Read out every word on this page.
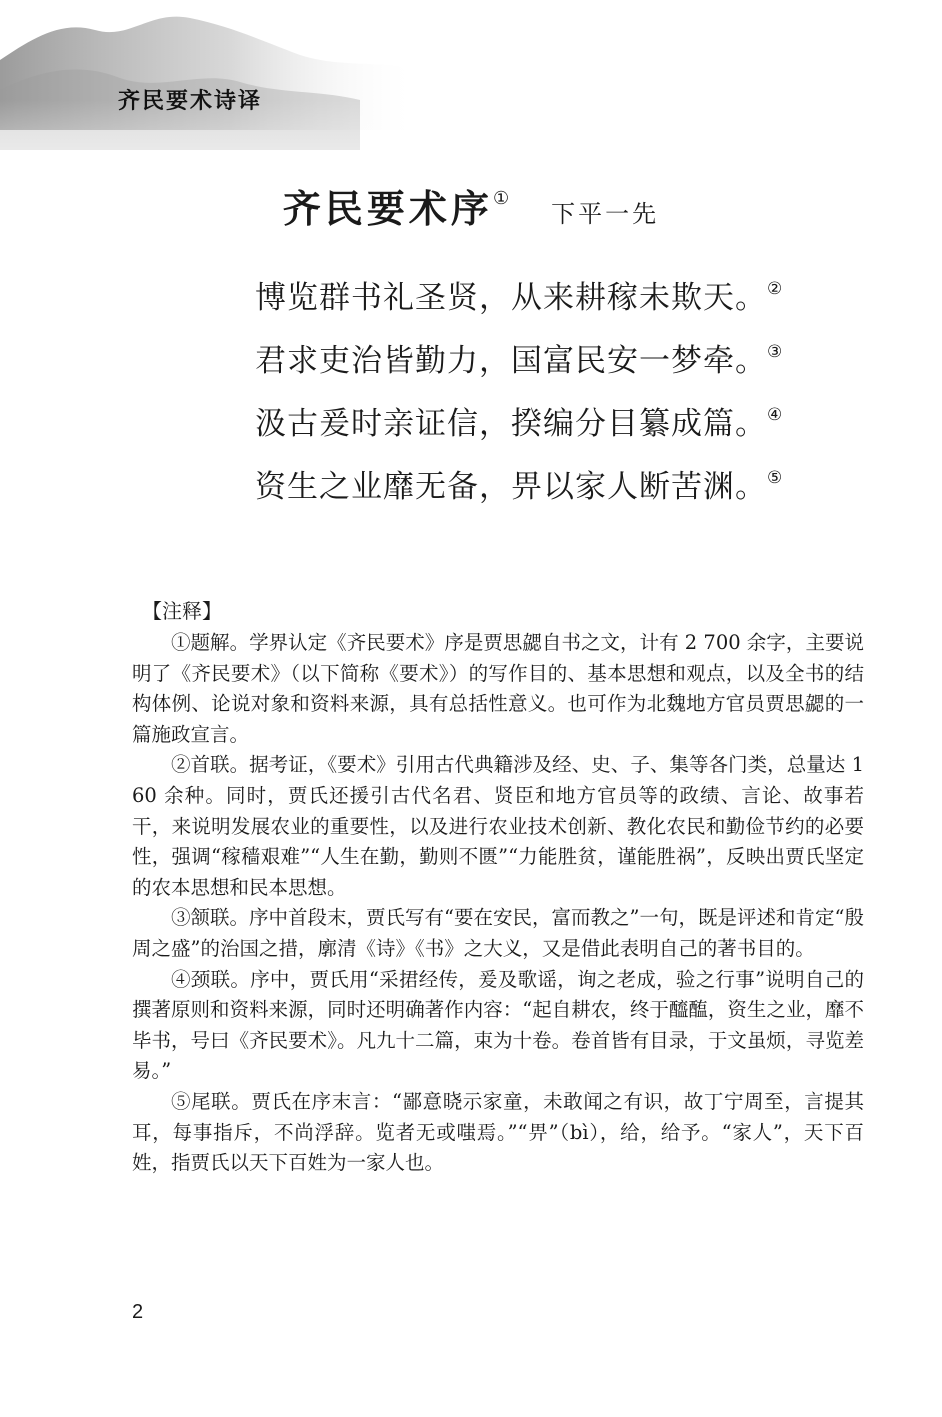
齐民要术诗译
齐民要术序①下平一先
博览群书礼圣贤，从来耕稼未欺天。②
君求吏治皆勤力，国富民安一梦牵。③
汲古爰时亲证信，揆编分目纂成篇。④
资生之业靡无备，畀以家人断苦渊。⑤
【注释】

①题解。学界认定《齐民要术》序是贾思勰自书之文，计有 2 700 余字，主要说明了《齐民要术》（以下简称《要术》）的写作目的、基本思想和观点，以及全书的结构体例、论说对象和资料来源，具有总括性意义。也可作为北魏地方官员贾思勰的一篇施政宣言。

②首联。据考证，《要术》引用古代典籍涉及经、史、子、集等各门类，总量达 160 余种。同时，贾氏还援引古代名君、贤臣和地方官员等的政绩、言论、故事若干，来说明发展农业的重要性，以及进行农业技术创新、教化农民和勤俭节约的必要性，强调“稼穑艰难”“人生在勤，勤则不匮”“力能胜贫，谨能胜祸”，反映出贾氏坚定的农本思想和民本思想。

③颔联。序中首段末，贾氏写有“要在安民，富而教之”一句，既是评述和肯定“殷周之盛”的治国之措，廓清《诗》《书》之大义，又是借此表明自己的著书目的。

④颈联。序中，贾氏用“采捃经传，爰及歌谣，询之老成，验之行事”说明自己的撰著原则和资料来源，同时还明确著作内容：“起自耕农，终于醯醢，资生之业，靡不毕书，号曰《齐民要术》。凡九十二篇，束为十卷。卷首皆有目录，于文虽烦，寻览差易。”

⑤尾联。贾氏在序末言：“鄙意晓示家童，未敢闻之有识，故丁宁周至，言提其耳，每事指斥，不尚浮辞。览者无或嗤焉。”“畀”（bì），给，给予。“家人”，天下百姓，指贾氏以天下百姓为一家人也。

2
